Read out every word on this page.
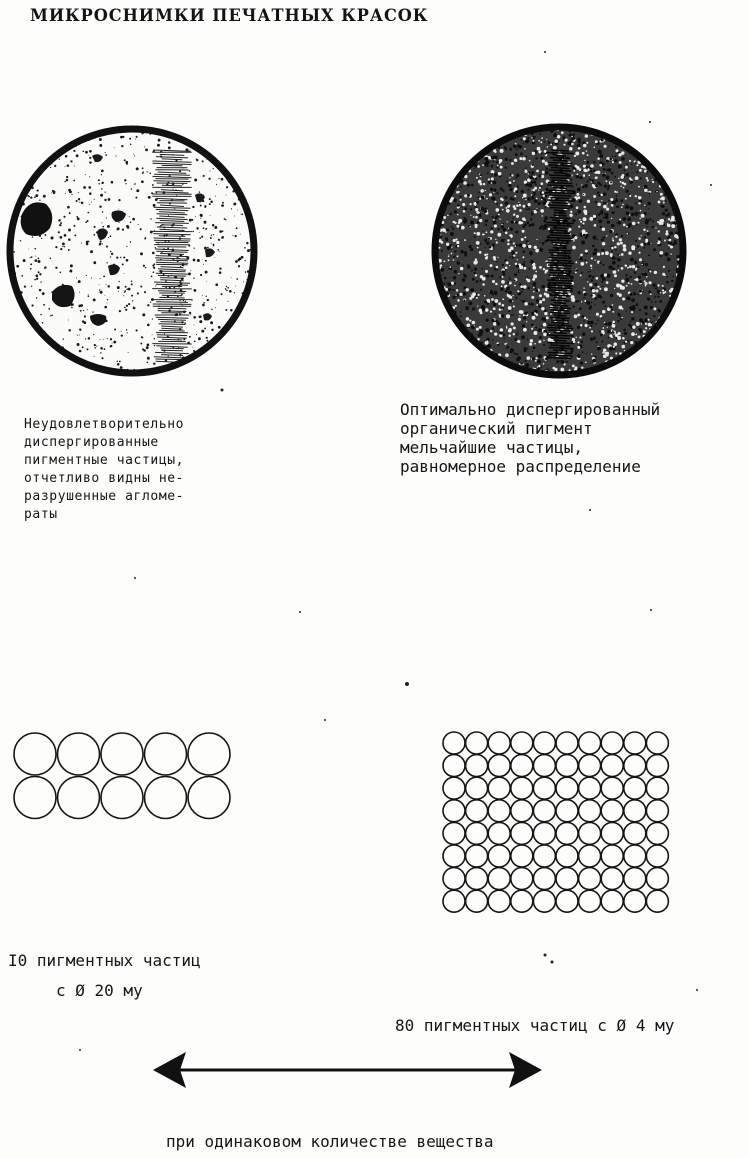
МИКРОСНИМКИ ПЕЧАТНЫХ КРАСОК
Неудовлетворительно
диспергированные
пигментные частицы,
отчетливо видны не-
разрушенные агломе-
раты
Оптимально диспергированный
органический пигмент
мельчайшие частицы,
равномерное распределение
I0 пигментных частиц
с Ø 20 му
80 пигментных частиц с Ø 4 му
при одинаковом количестве вещества
